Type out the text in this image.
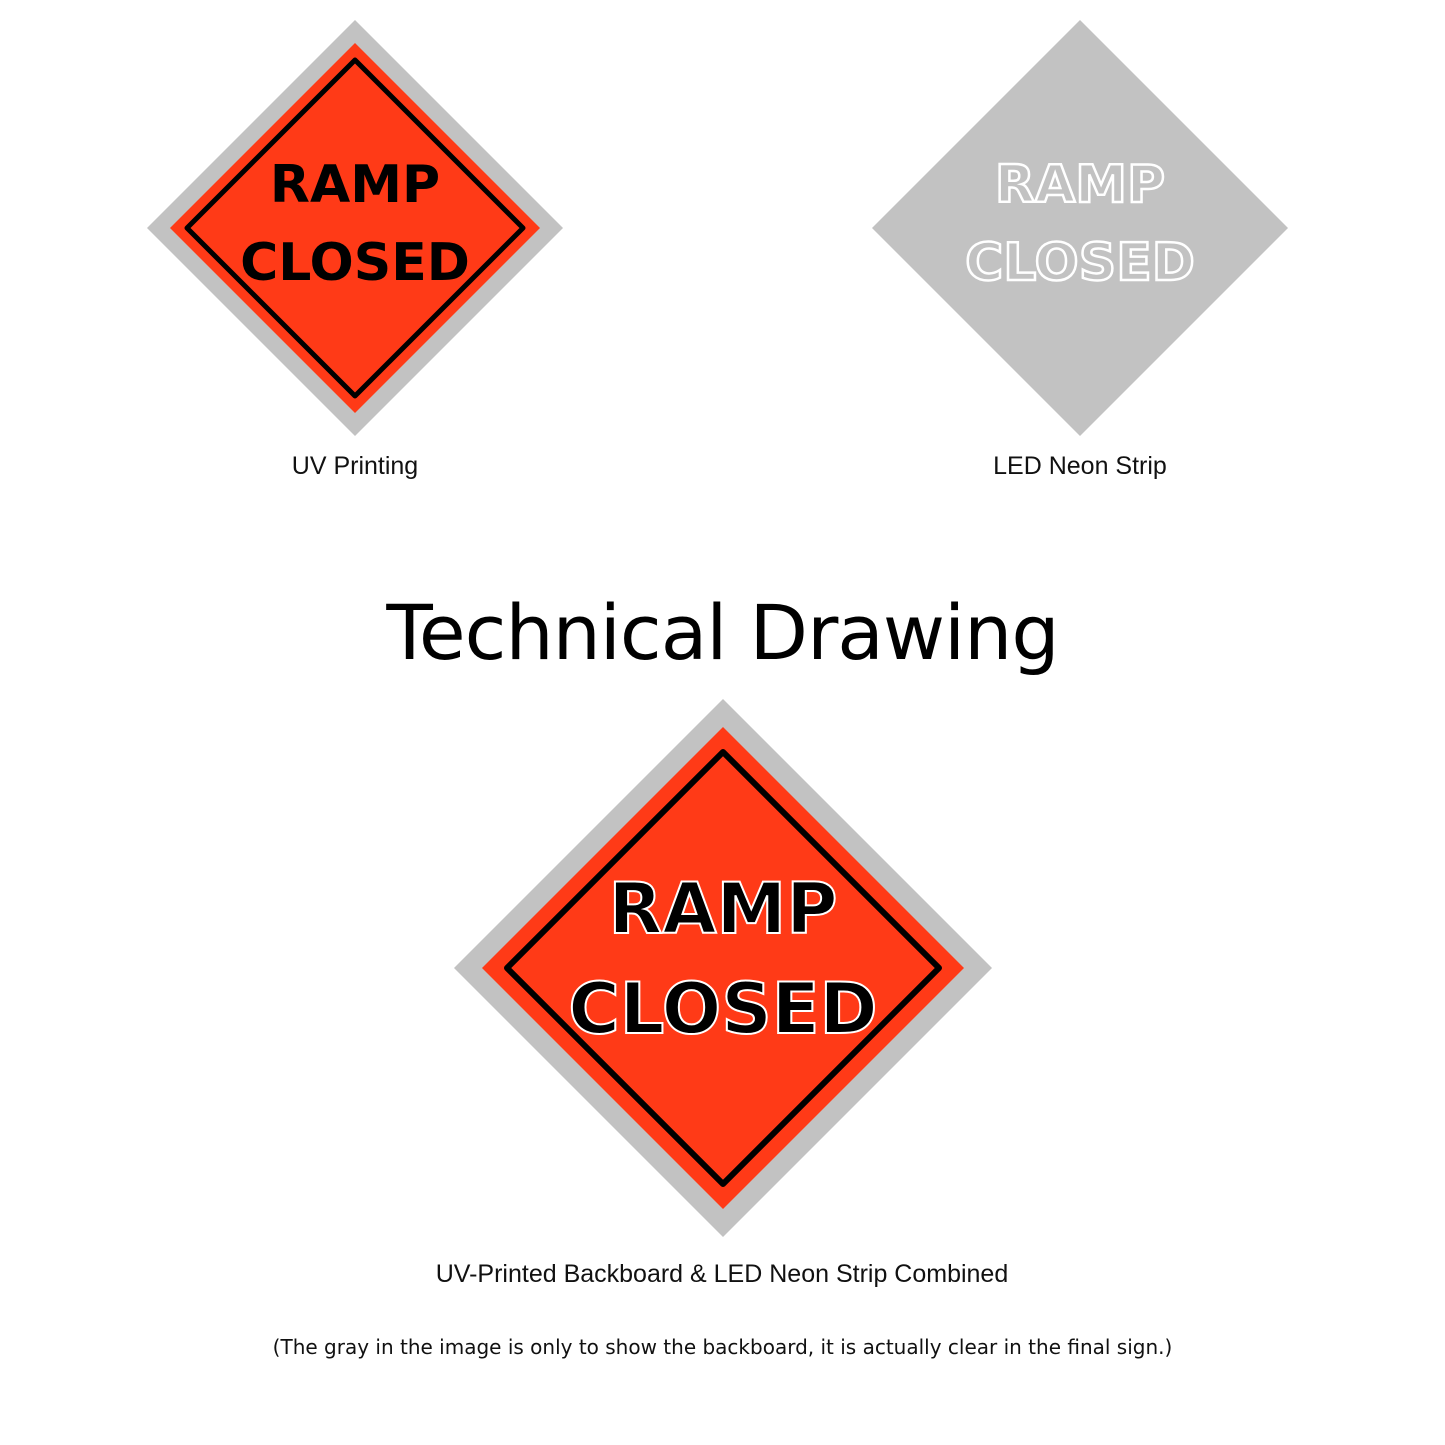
RAMP
CLOSED
UV Printing
RAMP
CLOSED
LED Neon Strip
Technical Drawing
RAMP
CLOSED
UV-Printed Backboard & LED Neon Strip Combined
(The gray in the image is only to show the backboard, it is actually clear in the final sign.)
